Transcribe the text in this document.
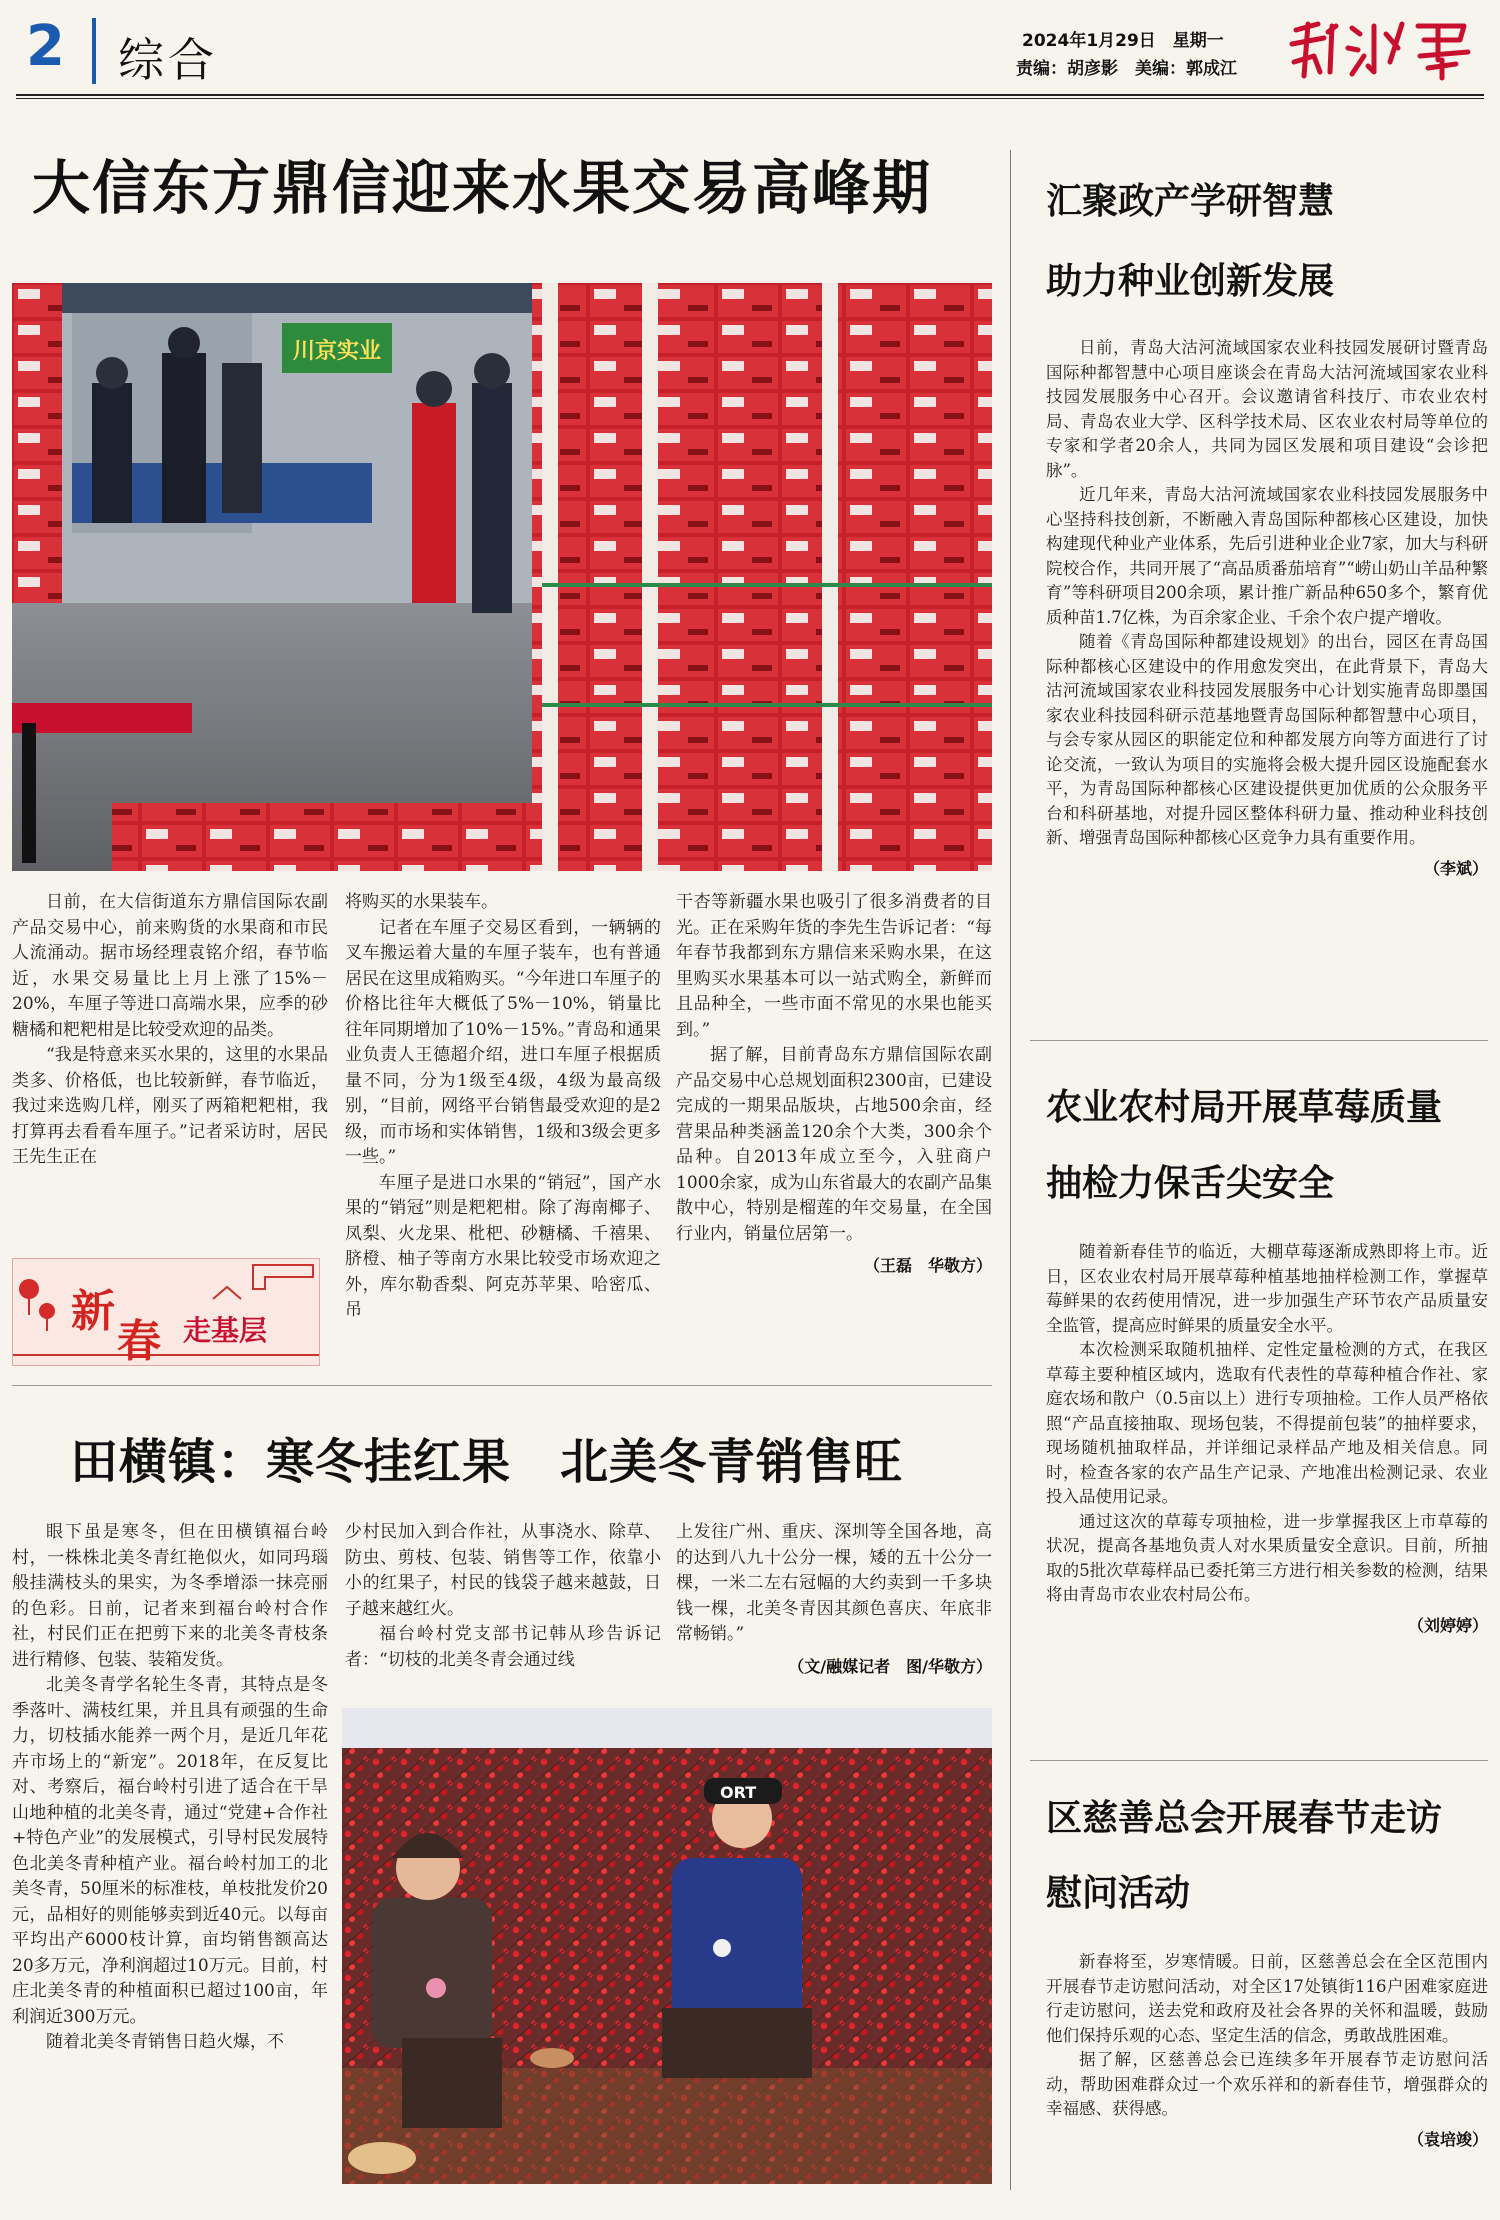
2 综合	2024年1月29日　星期一
责编：胡彦影　美编：郭成江
大信东方鼎信迎来水果交易高峰期
川京实业

日前，在大信街道东方鼎信国际农副产品交易中心，前来购货的水果商和市民人流涌动。据市场经理袁铭介绍，春节临近，水果交易量比上月上涨了15%－20%，车厘子等进口高端水果，应季的砂糖橘和粑粑柑是比较受欢迎的品类。

“我是特意来买水果的，这里的水果品类多、价格低，也比较新鲜，春节临近，我过来选购几样，刚买了两箱粑粑柑，我打算再去看看车厘子。”记者采访时，居民王先生正在

将购买的水果装车。

记者在车厘子交易区看到，一辆辆的叉车搬运着大量的车厘子装车，也有普通居民在这里成箱购买。“今年进口车厘子的价格比往年大概低了5%－10%，销量比往年同期增加了10%－15%。”青岛和通果业负责人王德超介绍，进口车厘子根据质量不同，分为1级至4级，4级为最高级别，“目前，网络平台销售最受欢迎的是2级，而市场和实体销售，1级和3级会更多一些。”

车厘子是进口水果的“销冠”，国产水果的“销冠”则是粑粑柑。除了海南椰子、凤梨、火龙果、枇杷、砂糖橘、千禧果、脐橙、柚子等南方水果比较受市场欢迎之外，库尔勒香梨、阿克苏苹果、哈密瓜、吊

干杏等新疆水果也吸引了很多消费者的目光。正在采购年货的李先生告诉记者：“每年春节我都到东方鼎信来采购水果，在这里购买水果基本可以一站式购全，新鲜而且品种全，一些市面不常见的水果也能买到。”

据了解，目前青岛东方鼎信国际农副产品交易中心总规划面积2300亩，已建设完成的一期果品版块，占地500余亩，经营果品种类涵盖120余个大类，300余个品种。自2013年成立至今，入驻商户1000余家，成为山东省最大的农副产品集散中心，特别是榴莲的年交易量，在全国行业内，销量位居第一。

（王磊　华敬方）
新
春 走基层
田横镇：寒冬挂红果　北美冬青销售旺

眼下虽是寒冬，但在田横镇福台岭村，一株株北美冬青红艳似火，如同玛瑙般挂满枝头的果实，为冬季增添一抹亮丽的色彩。日前，记者来到福台岭村合作社，村民们正在把剪下来的北美冬青枝条进行精修、包装、装箱发货。

北美冬青学名轮生冬青，其特点是冬季落叶、满枝红果，并且具有顽强的生命力，切枝插水能养一两个月，是近几年花卉市场上的“新宠”。2018年，在反复比对、考察后，福台岭村引进了适合在干旱山地种植的北美冬青，通过“党建+合作社+特色产业”的发展模式，引导村民发展特色北美冬青种植产业。福台岭村加工的北美冬青，50厘米的标准枝，单枝批发价20元，品相好的则能够卖到近40元。以每亩平均出产6000枝计算，亩均销售额高达20多万元，净利润超过10万元。目前，村庄北美冬青的种植面积已超过100亩，年利润近300万元。

随着北美冬青销售日趋火爆，不

少村民加入到合作社，从事浇水、除草、防虫、剪枝、包装、销售等工作，依靠小小的红果子，村民的钱袋子越来越鼓，日子越来越红火。

福台岭村党支部书记韩从珍告诉记者：“切枝的北美冬青会通过线

上发往广州、重庆、深圳等全国各地，高的达到八九十公分一棵，矮的五十公分一棵，一米二左右冠幅的大约卖到一千多块钱一棵，北美冬青因其颜色喜庆、年底非常畅销。”

（文/融媒记者　图/华敬方）
ORT
汇聚政产学研智慧
助力种业创新发展

日前，青岛大沽河流域国家农业科技园发展研讨暨青岛国际种都智慧中心项目座谈会在青岛大沽河流域国家农业科技园发展服务中心召开。会议邀请省科技厅、市农业农村局、青岛农业大学、区科学技术局、区农业农村局等单位的专家和学者20余人，共同为园区发展和项目建设“会诊把脉”。

近几年来，青岛大沽河流域国家农业科技园发展服务中心坚持科技创新，不断融入青岛国际种都核心区建设，加快构建现代种业产业体系，先后引进种业企业7家，加大与科研院校合作，共同开展了“高品质番茄培育”“崂山奶山羊品种繁育”等科研项目200余项，累计推广新品种650多个，繁育优质种苗1.7亿株，为百余家企业、千余个农户提产增收。

随着《青岛国际种都建设规划》的出台，园区在青岛国际种都核心区建设中的作用愈发突出，在此背景下，青岛大沽河流域国家农业科技园发展服务中心计划实施青岛即墨国家农业科技园科研示范基地暨青岛国际种都智慧中心项目，与会专家从园区的职能定位和种都发展方向等方面进行了讨论交流，一致认为项目的实施将会极大提升园区设施配套水平，为青岛国际种都核心区建设提供更加优质的公众服务平台和科研基地，对提升园区整体科研力量、推动种业科技创新、增强青岛国际种都核心区竞争力具有重要作用。

（李斌）
农业农村局开展草莓质量
抽检力保舌尖安全

随着新春佳节的临近，大棚草莓逐渐成熟即将上市。近日，区农业农村局开展草莓种植基地抽样检测工作，掌握草莓鲜果的农药使用情况，进一步加强生产环节农产品质量安全监管，提高应时鲜果的质量安全水平。

本次检测采取随机抽样、定性定量检测的方式，在我区草莓主要种植区域内，选取有代表性的草莓种植合作社、家庭农场和散户（0.5亩以上）进行专项抽检。工作人员严格依照“产品直接抽取、现场包装，不得提前包装”的抽样要求，现场随机抽取样品，并详细记录样品产地及相关信息。同时，检查各家的农产品生产记录、产地准出检测记录、农业投入品使用记录。

通过这次的草莓专项抽检，进一步掌握我区上市草莓的状况，提高各基地负责人对水果质量安全意识。目前，所抽取的5批次草莓样品已委托第三方进行相关参数的检测，结果将由青岛市农业农村局公布。

（刘婷婷）
区慈善总会开展春节走访
慰问活动

新春将至，岁寒情暖。日前，区慈善总会在全区范围内开展春节走访慰问活动，对全区17处镇街116户困难家庭进行走访慰问，送去党和政府及社会各界的关怀和温暖，鼓励他们保持乐观的心态、坚定生活的信念，勇敢战胜困难。

据了解，区慈善总会已连续多年开展春节走访慰问活动，帮助困难群众过一个欢乐祥和的新春佳节，增强群众的幸福感、获得感。

（袁培竣）
